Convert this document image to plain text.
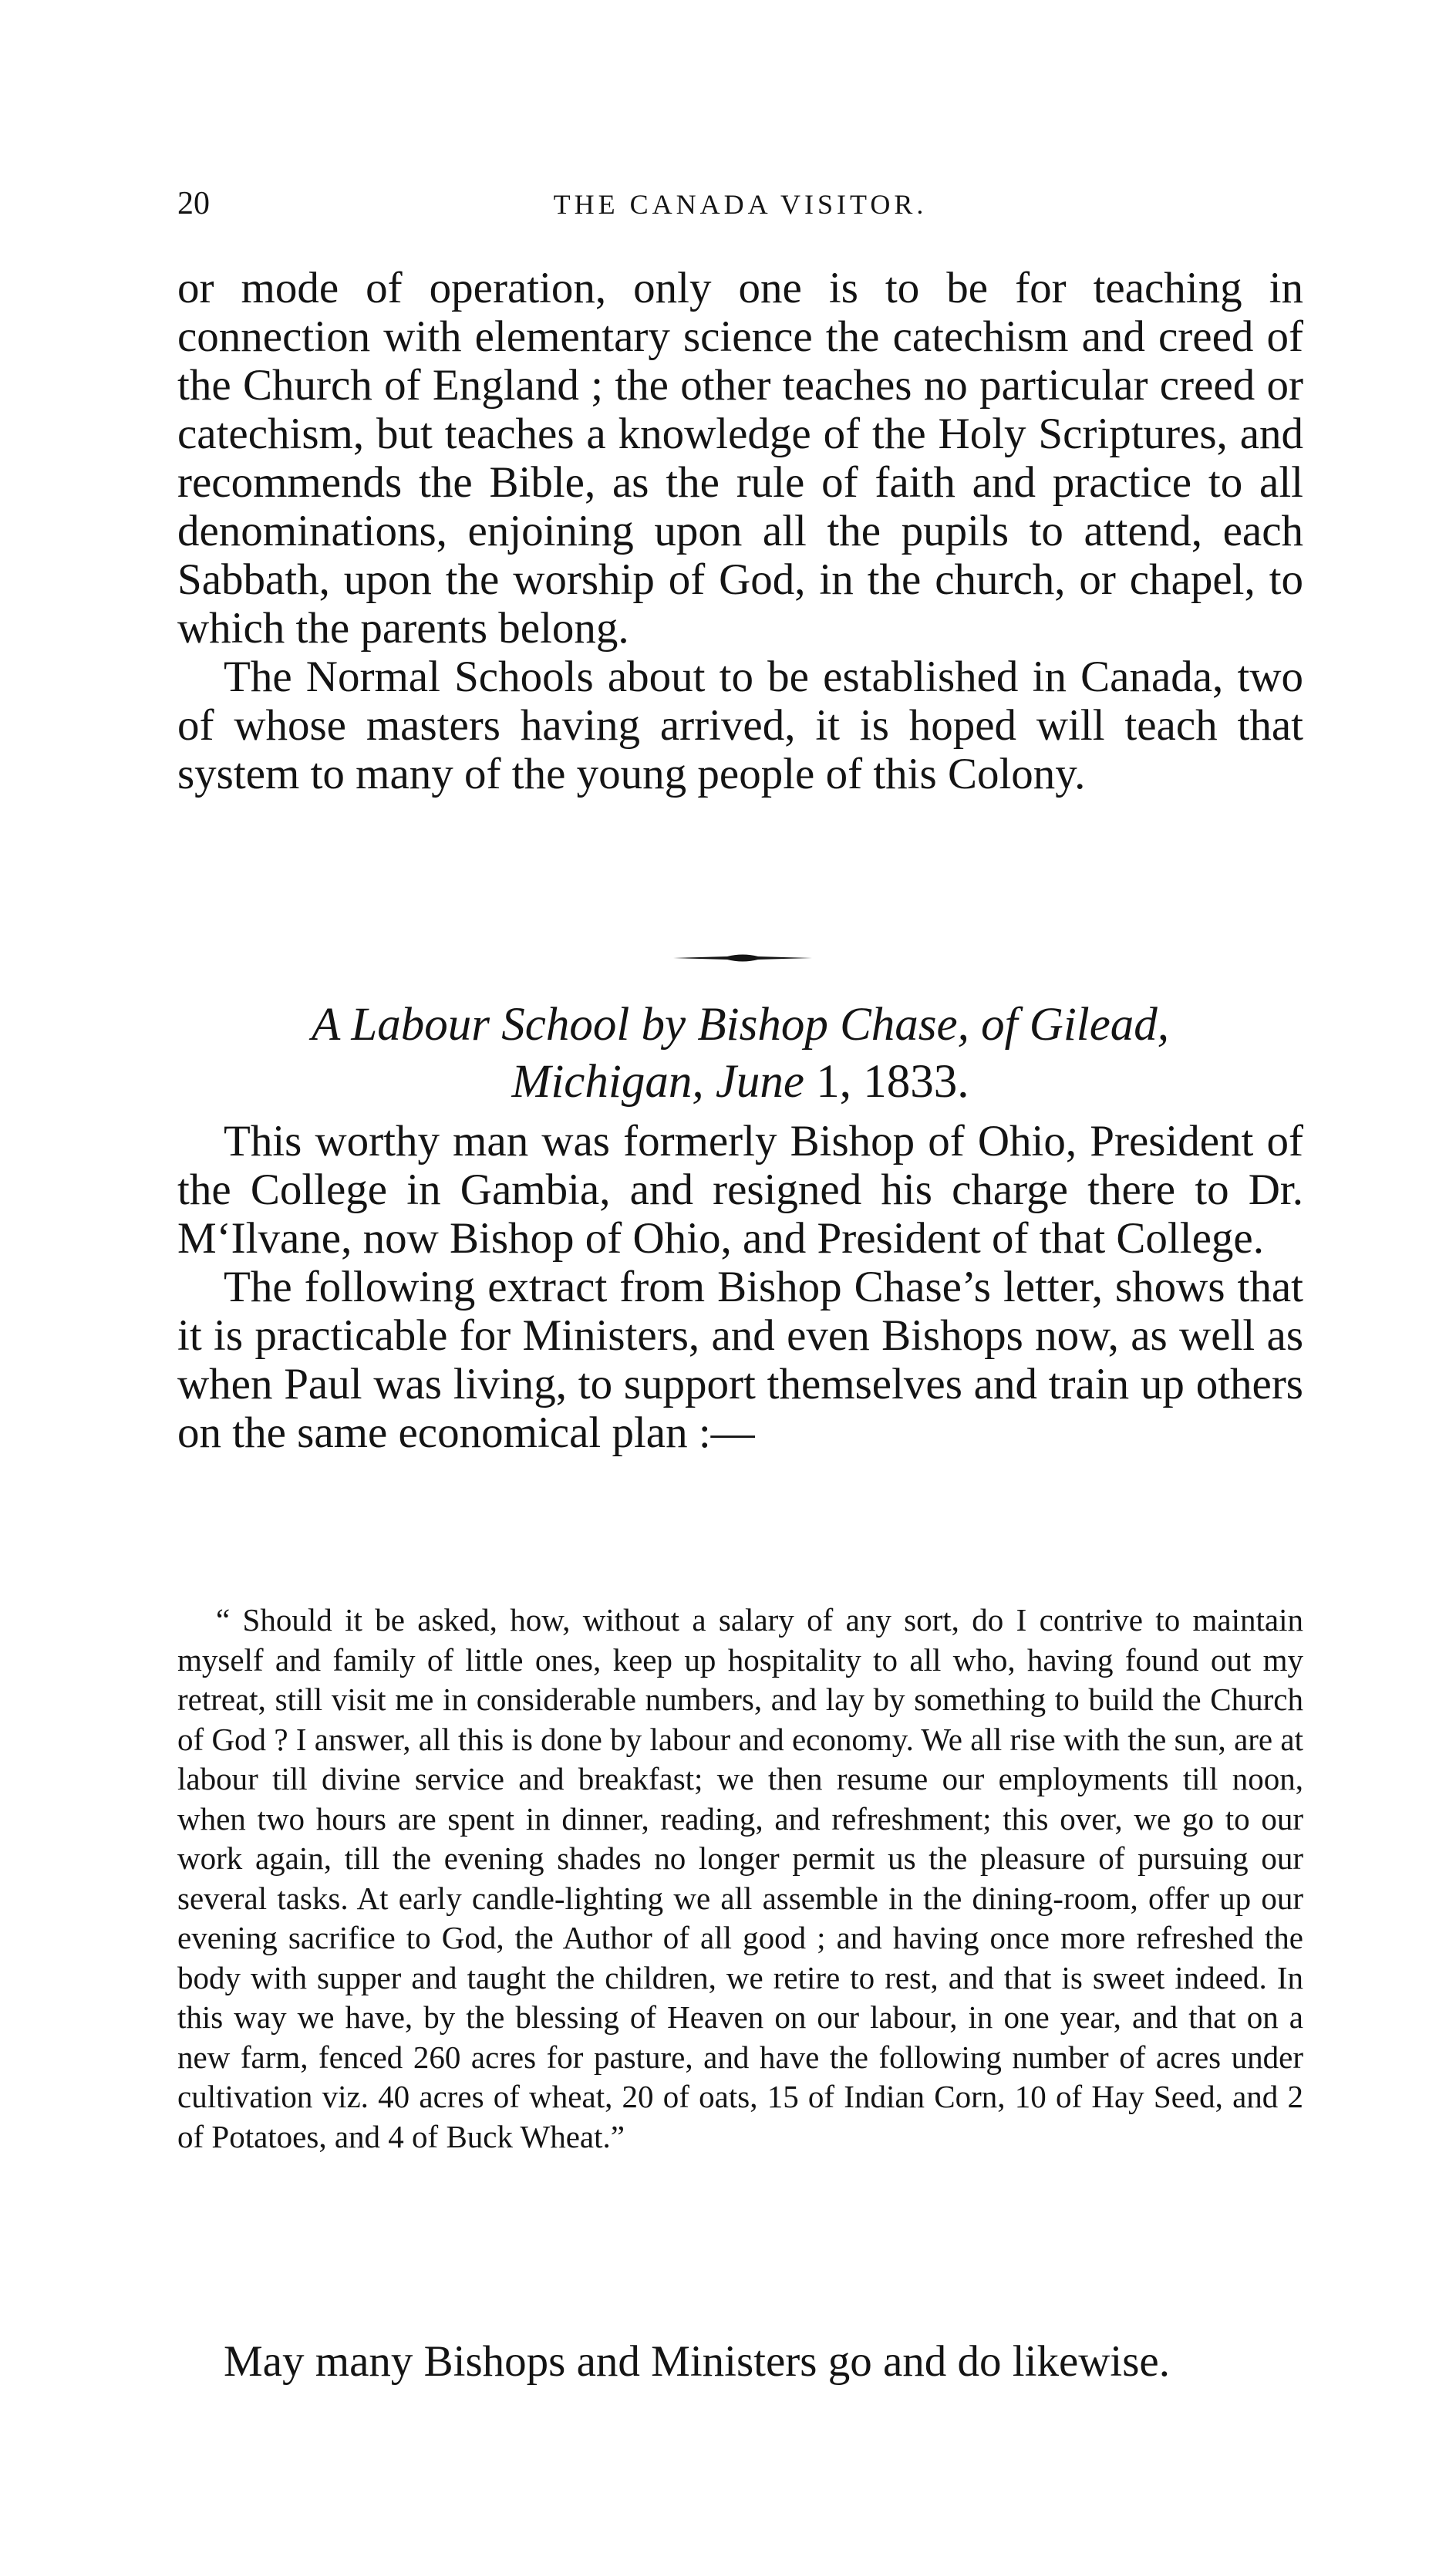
20	THE CANADA VISITOR.

or mode of operation, only one is to be for teaching in connection with elementary science the catechism and creed of the Church of England ; the other teaches no particular creed or catechism, but teaches a knowledge of the Holy Scriptures, and recommends the Bible, as the rule of faith and practice to all denominations, enjoining upon all the pupils to attend, each Sabbath, upon the worship of God, in the church, or chapel, to which the parents belong.

The Normal Schools about to be established in Canada, two of whose masters having arrived, it is hoped will teach that system to many of the young people of this Colony.

A Labour School by Bishop Chase, of Gilead,
Michigan, June 1, 1833.

This worthy man was formerly Bishop of Ohio, President of the College in Gambia, and resigned his charge there to Dr. M‘Ilvane, now Bishop of Ohio, and President of that College.

The following extract from Bishop Chase’s letter, shows that it is practicable for Ministers, and even Bishops now, as well as when Paul was living, to support themselves and train up others on the same economical plan :—

“ Should it be asked, how, without a salary of any sort, do I contrive to maintain myself and family of little ones, keep up hospitality to all who, having found out my retreat, still visit me in considerable numbers, and lay by something to build the Church of God ? I answer, all this is done by labour and economy. We all rise with the sun, are at labour till divine service and breakfast; we then resume our employments till noon, when two hours are spent in dinner, reading, and refreshment; this over, we go to our work again, till the evening shades no longer permit us the pleasure of pursuing our several tasks. At early candle-lighting we all assemble in the dining-room, offer up our evening sacrifice to God, the Author of all good ; and having once more refreshed the body with supper and taught the children, we retire to rest, and that is sweet indeed. In this way we have, by the blessing of Heaven on our labour, in one year, and that on a new farm, fenced 260 acres for pasture, and have the following number of acres under cultivation viz. 40 acres of wheat, 20 of oats, 15 of Indian Corn, 10 of Hay Seed, and 2 of Potatoes, and 4 of Buck Wheat.”

May many Bishops and Ministers go and do likewise.
